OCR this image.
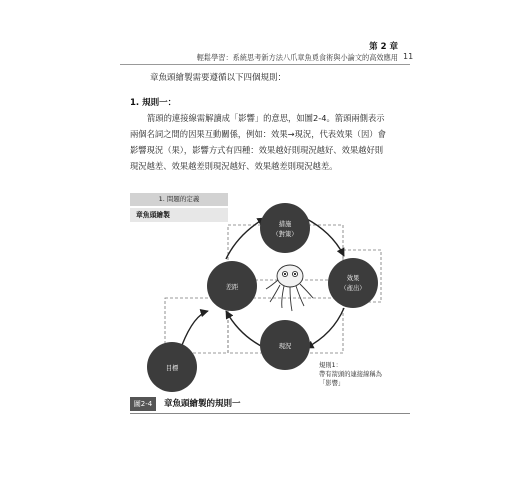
第 2 章
輕鬆學習：系統思考新方法八爪章魚覓食術與小論文的高效應用 11
章魚頭繪製需要遵循以下四個規則：
1. 規則一：

箭頭的連接線需解讀成「影響」的意思，如圖2-4。箭頭兩側表示

兩個名詞之間的因果互動關係，例如：效果→現況，代表效果（因）會

影響現況（果），影響方式有四種：效果越好則現況越好、效果越好則

現況越差、效果越差則現況越好、效果越差則現況越差。

1. 問題的定義
章魚頭繪製
措施
（對策）
效果
（產出）
現況
差距
目標	規則1：
帶有箭頭的連接線稱為
「影響」
圖2-4	章魚頭繪製的規則一
